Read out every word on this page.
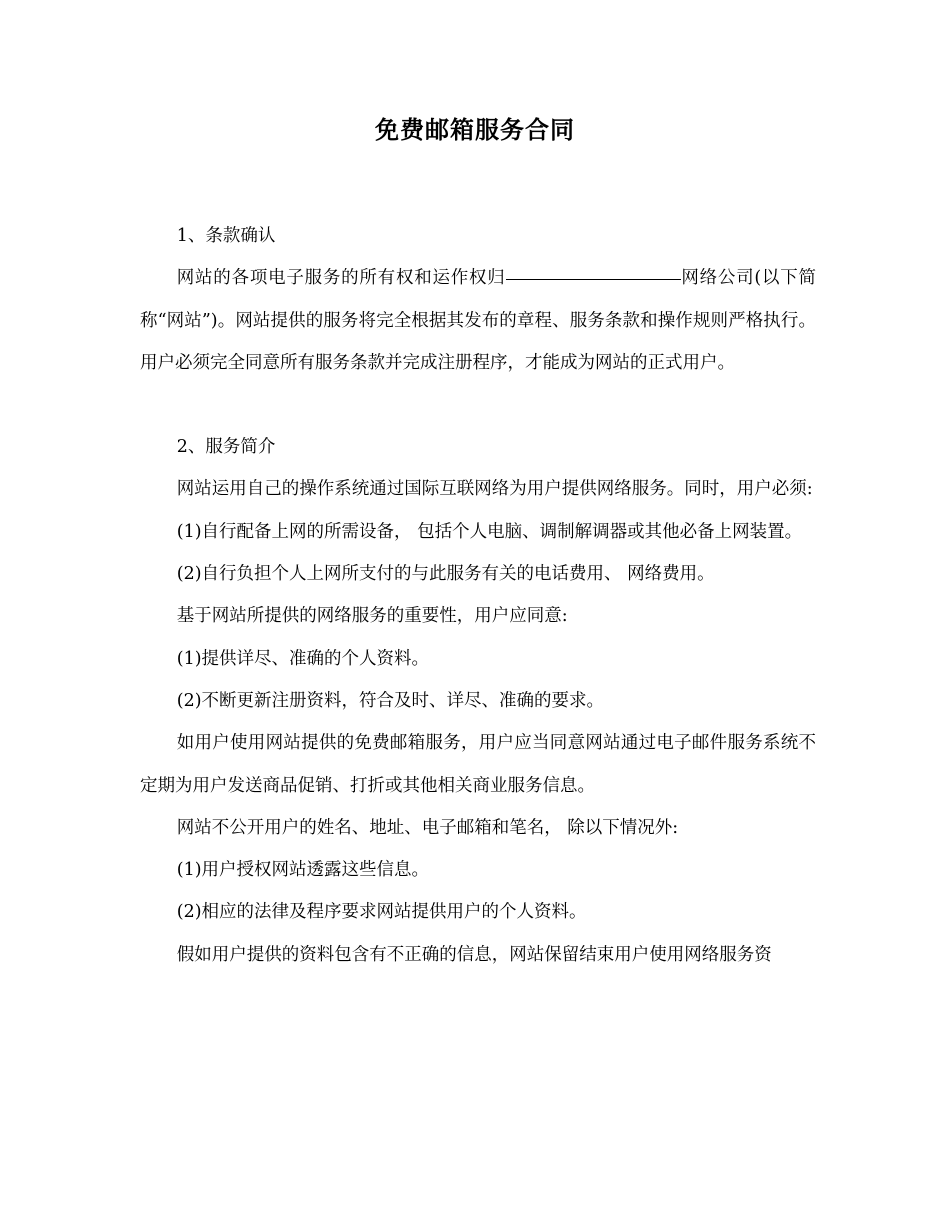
免费邮箱服务合同

1、条款确认

网站的各项电子服务的所有权和运作权归	网络公司(以下简称“网站”)。网站提供的服务将完全根据其发布的章程、服务条款和操作规则严格执行。用户必须完全同意所有服务条款并完成注册程序，才能成为网站的正式用户。

2、服务简介

网站运用自己的操作系统通过国际互联网络为用户提供网络服务。同时，用户必须:

(1)自行配备上网的所需设备， 包括个人电脑、调制解调器或其他必备上网装置。

(2)自行负担个人上网所支付的与此服务有关的电话费用、 网络费用。

基于网站所提供的网络服务的重要性，用户应同意:

(1)提供详尽、准确的个人资料。

(2)不断更新注册资料，符合及时、详尽、准确的要求。

如用户使用网站提供的免费邮箱服务，用户应当同意网站通过电子邮件服务系统不定期为用户发送商品促销、打折或其他相关商业服务信息。

网站不公开用户的姓名、地址、电子邮箱和笔名， 除以下情况外:

(1)用户授权网站透露这些信息。

(2)相应的法律及程序要求网站提供用户的个人资料。

假如用户提供的资料包含有不正确的信息，网站保留结束用户使用网络服务资
